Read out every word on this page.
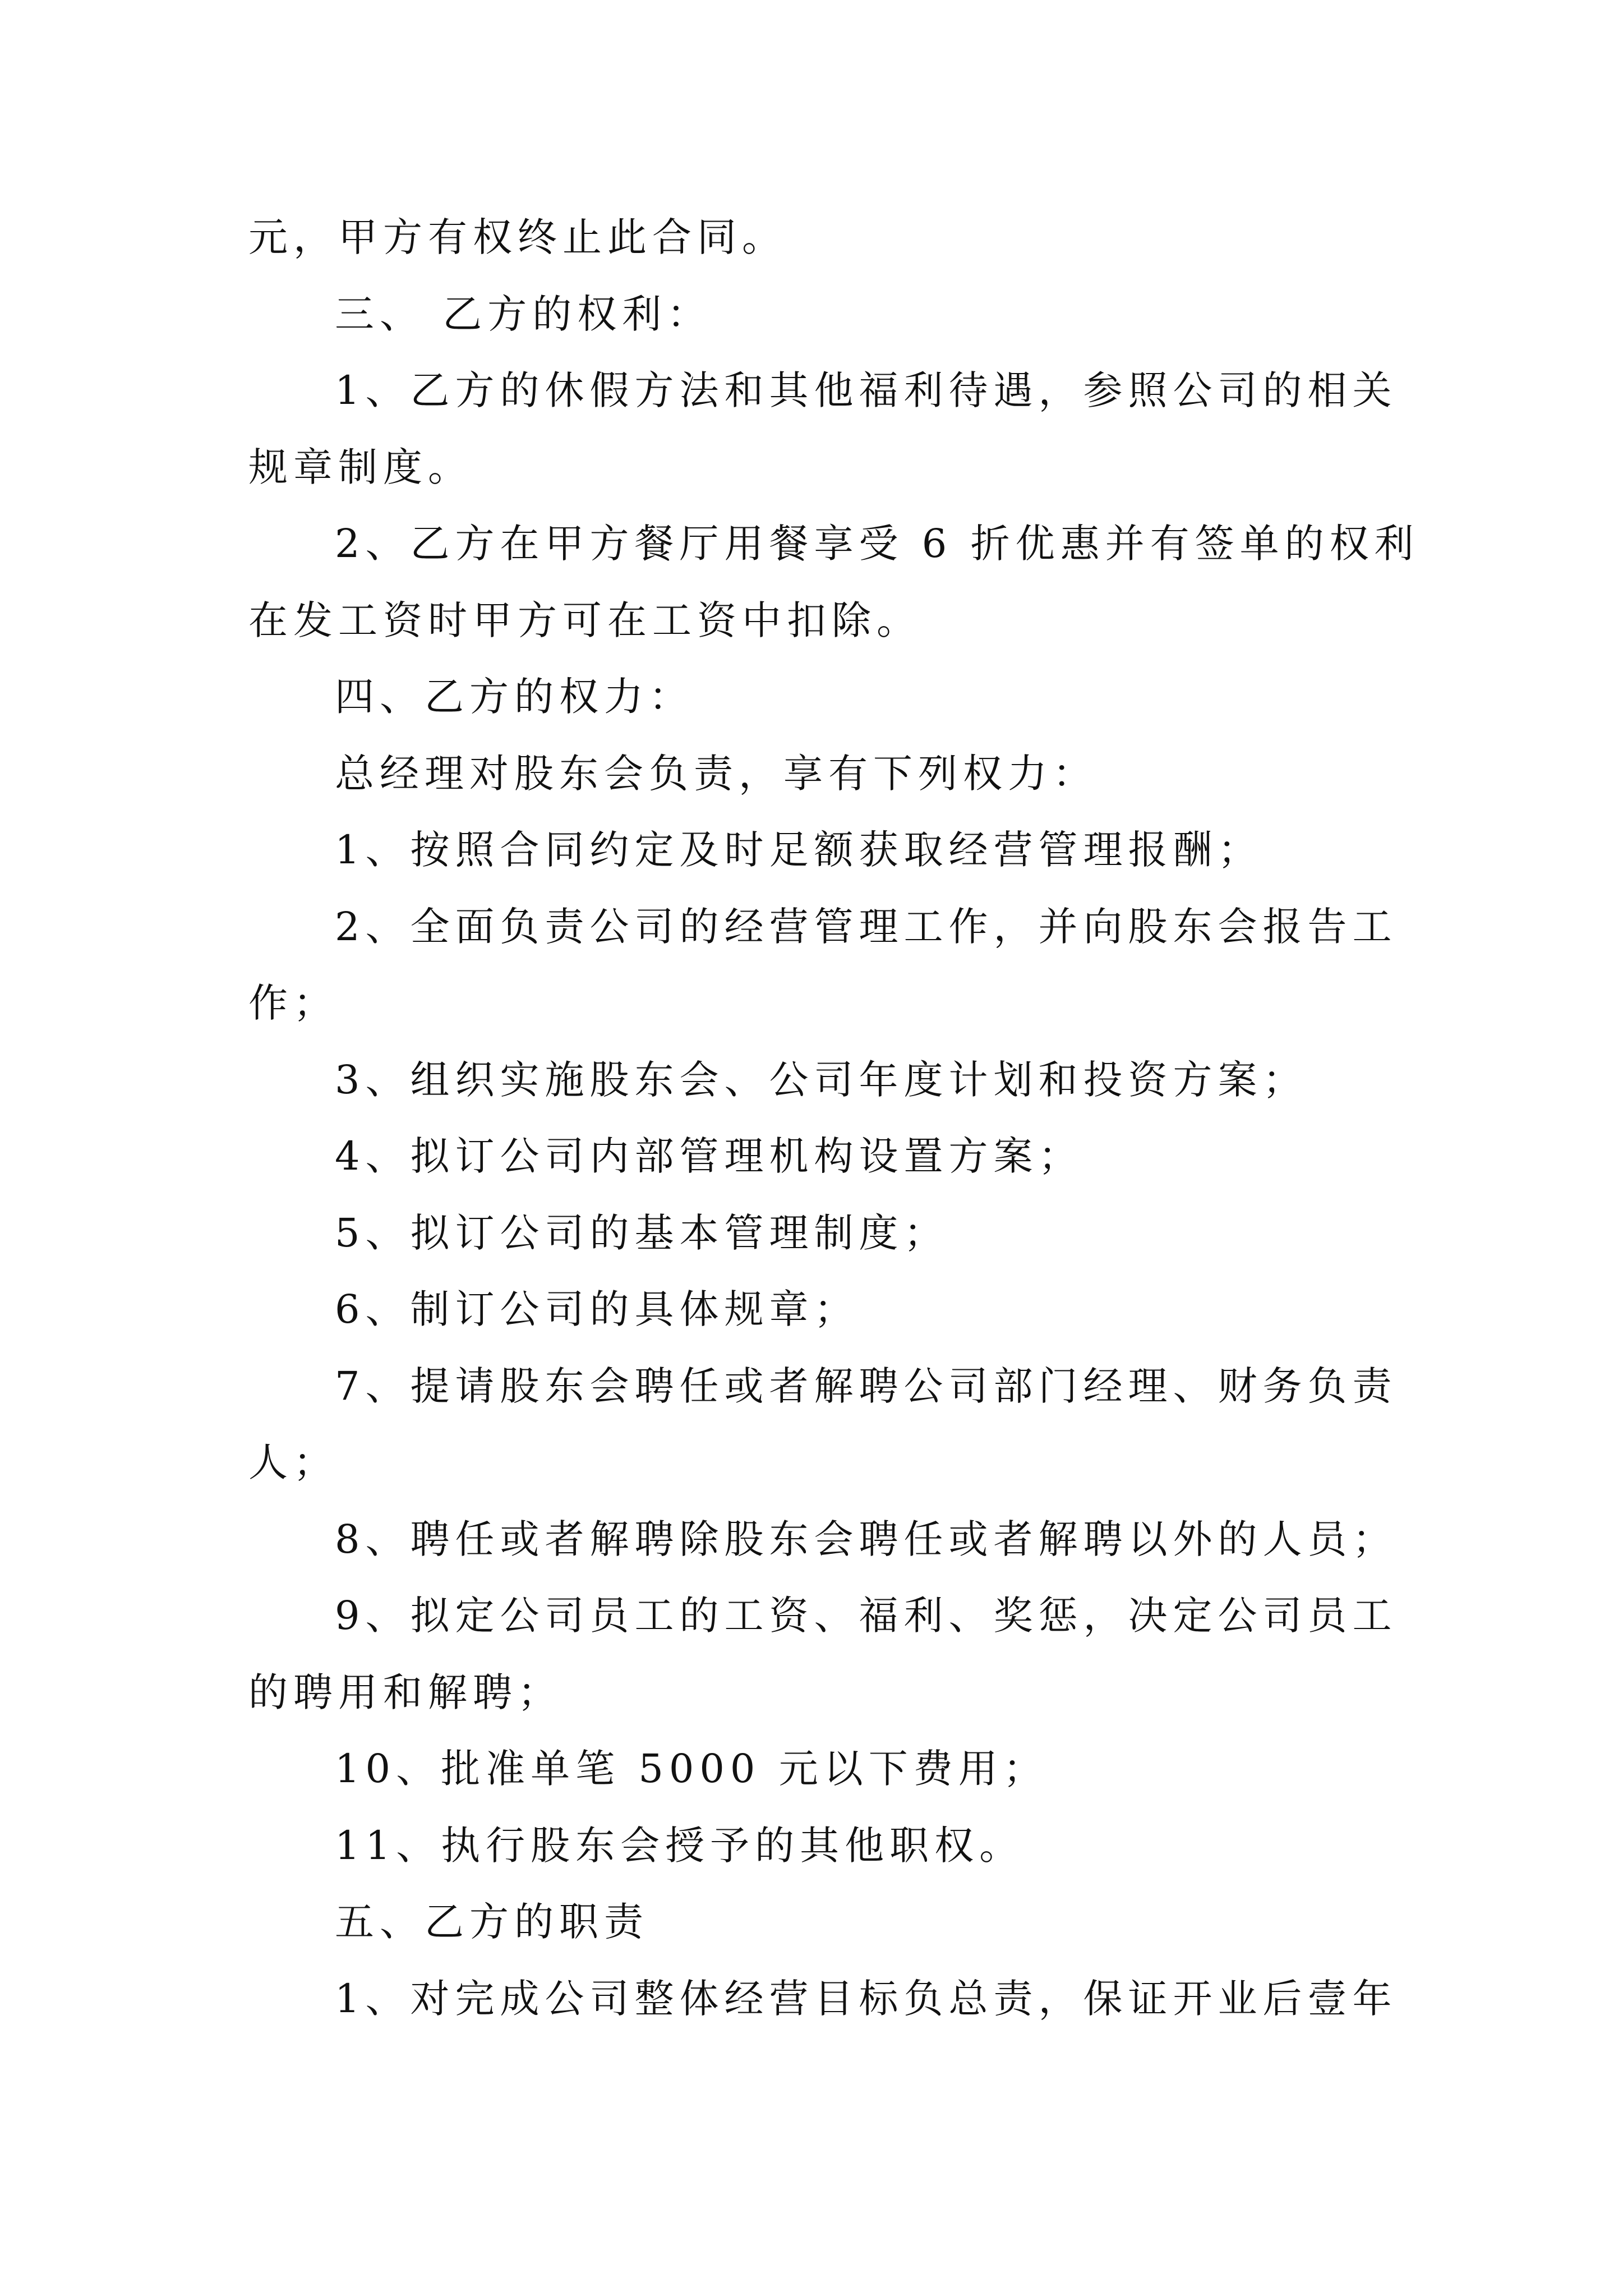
元，甲方有权终止此合同。
三、 乙方的权利：
1、乙方的休假方法和其他福利待遇，参照公司的相关
规章制度。
2、乙方在甲方餐厅用餐享受 6 折优惠并有签单的权利
在发工资时甲方可在工资中扣除。
四、乙方的权力：
总经理对股东会负责，享有下列权力：
1、按照合同约定及时足额获取经营管理报酬；
2、全面负责公司的经营管理工作，并向股东会报告工
作；
3、组织实施股东会、公司年度计划和投资方案；
4、拟订公司内部管理机构设置方案；
5、拟订公司的基本管理制度；
6、制订公司的具体规章；
7、提请股东会聘任或者解聘公司部门经理、财务负责
人；
8、聘任或者解聘除股东会聘任或者解聘以外的人员；
9、拟定公司员工的工资、福利、奖惩，决定公司员工
的聘用和解聘；
10、批准单笔 5000 元以下费用；
11、执行股东会授予的其他职权。
五、乙方的职责
1、对完成公司整体经营目标负总责，保证开业后壹年
